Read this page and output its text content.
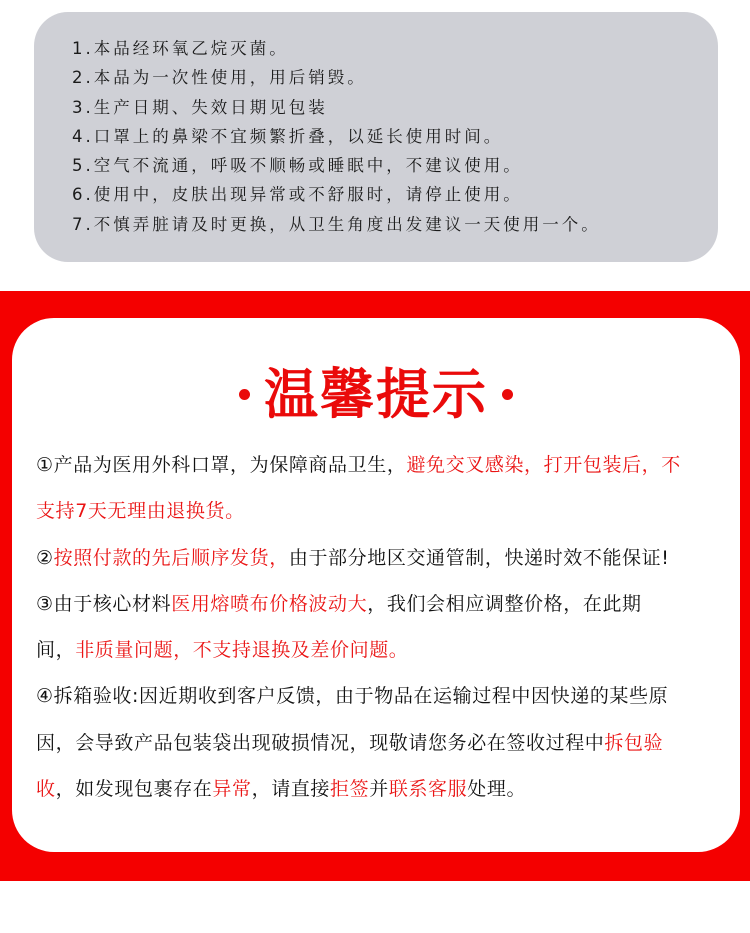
1.本品经环氧乙烷灭菌。
2.本品为一次性使用，用后销毁。
3.生产日期、失效日期见包装
4.口罩上的鼻梁不宜频繁折叠，以延长使用时间。
5.空气不流通，呼吸不顺畅或睡眠中，不建议使用。
6.使用中，皮肤出现异常或不舒服时，请停止使用。
7.不慎弄脏请及时更换，从卫生角度出发建议一天使用一个。
温馨提示
①产品为医用外科口罩，为保障商品卫生，避免交叉感染，打开包装后，不
支持7天无理由退换货。
②按照付款的先后顺序发货，由于部分地区交通管制，快递时效不能保证!
③由于核心材料医用熔喷布价格波动大，我们会相应调整价格，在此期
间，非质量问题，不支持退换及差价问题。
④拆箱验收:因近期收到客户反馈，由于物品在运输过程中因快递的某些原
因，会导致产品包装袋出现破损情况，现敬请您务必在签收过程中拆包验
收，如发现包裹存在异常，请直接拒签并联系客服处理。
